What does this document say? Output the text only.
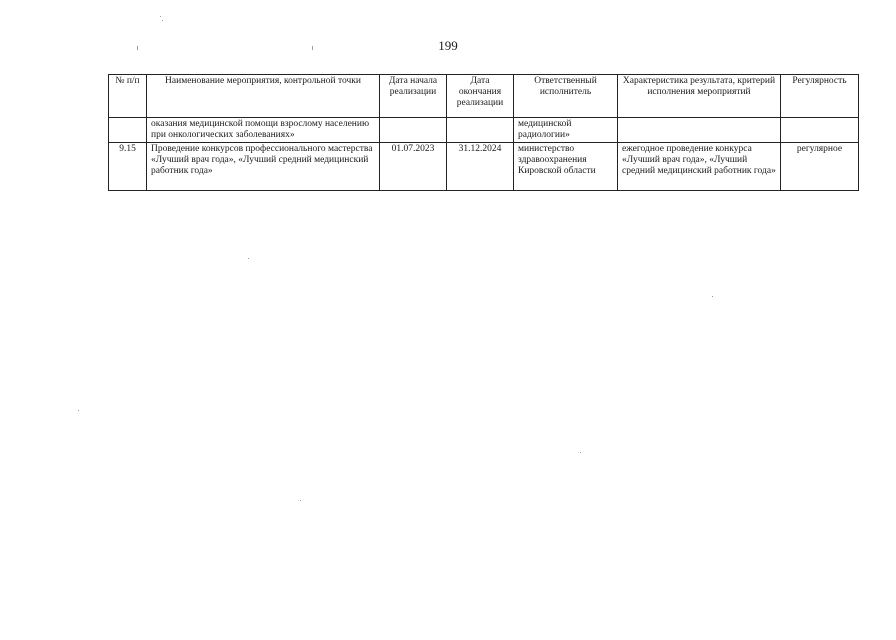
199
№ п/п	Наименование мероприятия, контрольной точки	Дата начала реализации	Дата окончания реализации	Ответственный исполнитель	Характеристика результата, критерий исполнения мероприятий	Регулярность
	оказания медицинской помощи взрослому населению при онкологических заболеваниях»			медицинской радиологии»		
9.15	Проведение конкурсов профессионального мастерства «Лучший врач года», «Лучший средний медицинский работник года»	01.07.2023	31.12.2024	министерство здравоохранения Кировской области	ежегодное проведение конкурса «Лучший врач года», «Лучший средний медицинский работник года»	регулярное
